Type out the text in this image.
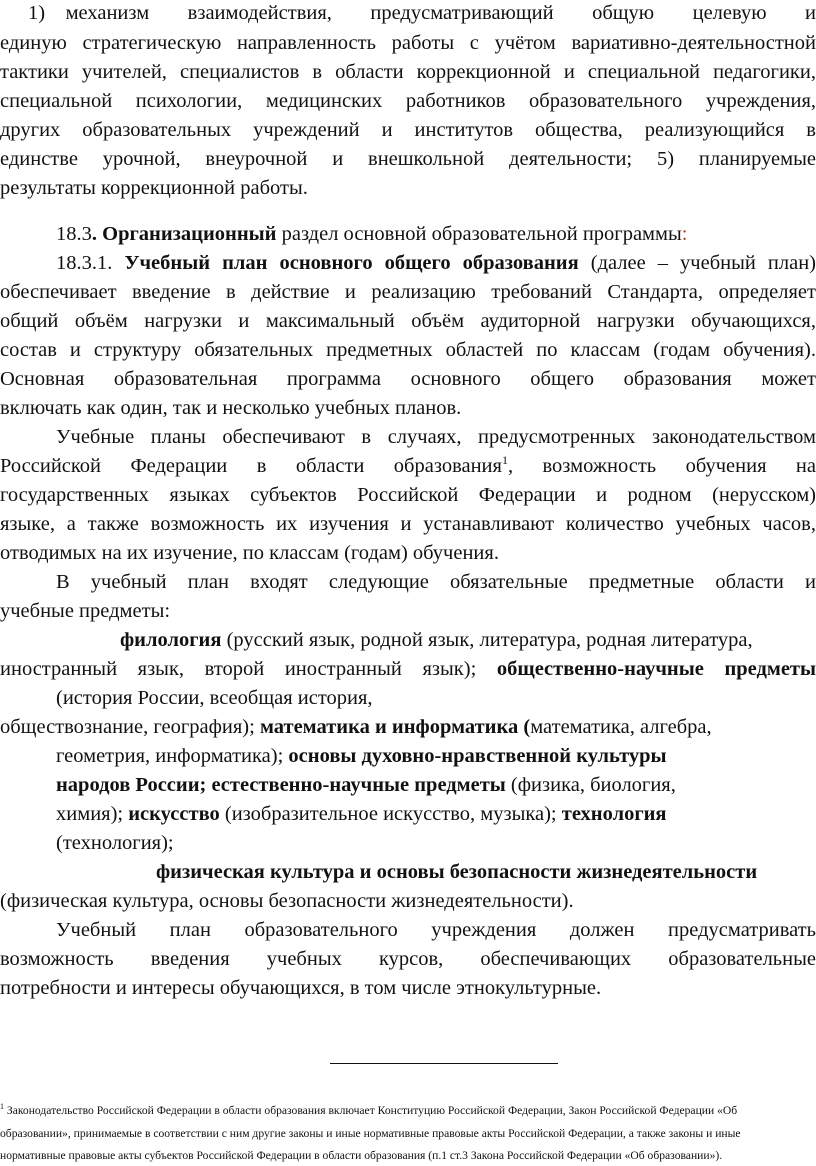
1) механизм взаимодействия, предусматривающий общую целевую и
единую стратегическую направленность работы с учётом вариативно-деятельностной
тактики учителей, специалистов в области коррекционной и специальной педагогики,
специальной психологии, медицинских работников образовательного учреждения,
других образовательных учреждений и институтов общества, реализующийся в
единстве урочной, внеурочной и внешкольной деятельности; 5) планируемые
результаты коррекционной работы.
18.3. Организационный раздел основной образовательной программы:
18.3.1. Учебный план основного общего образования (далее – учебный план)
обеспечивает введение в действие и реализацию требований Стандарта, определяет
общий объём нагрузки и максимальный объём аудиторной нагрузки обучающихся,
состав и структуру обязательных предметных областей по классам (годам обучения).
Основная образовательная программа основного общего образования может
включать как один, так и несколько учебных планов.
Учебные планы обеспечивают в случаях, предусмотренных законодательством
Российской Федерации в области образования$^1$, возможность обучения на
государственных языках субъектов Российской Федерации и родном (нерусском)
языке, а также возможность их изучения и устанавливают количество учебных часов,
отводимых на их изучение, по классам (годам) обучения.
В учебный план входят следующие обязательные предметные области и
учебные предметы:
филология (русский язык, родной язык, литература, родная литература,
иностранный язык, второй иностранный язык); общественно-научные предметы
(история России, всеобщая история,
обществознание, география); математика и информатика (математика, алгебра,
геометрия, информатика); основы духовно-нравственной культуры
народов России; естественно-научные предметы (физика, биология,
химия); искусство (изобразительное искусство, музыка); технология
(технология);
физическая культура и основы безопасности жизнедеятельности
(физическая культура, основы безопасности жизнедеятельности).
Учебный план образовательного учреждения должен предусматривать
возможность введения учебных курсов, обеспечивающих образовательные
потребности и интересы обучающихся, в том числе этнокультурные.
$^1$ Законодательство Российской Федерации в области образования включает Конституцию Российской Федерации, Закон Российской Федерации «Об
образовании», принимаемые в соответствии с ним другие законы и иные нормативные правовые акты Российской Федерации, а также законы и иные
нормативные правовые акты субъектов Российской Федерации в области образования (п.1 ст.3 Закона Российской Федерации «Об образовании»).
